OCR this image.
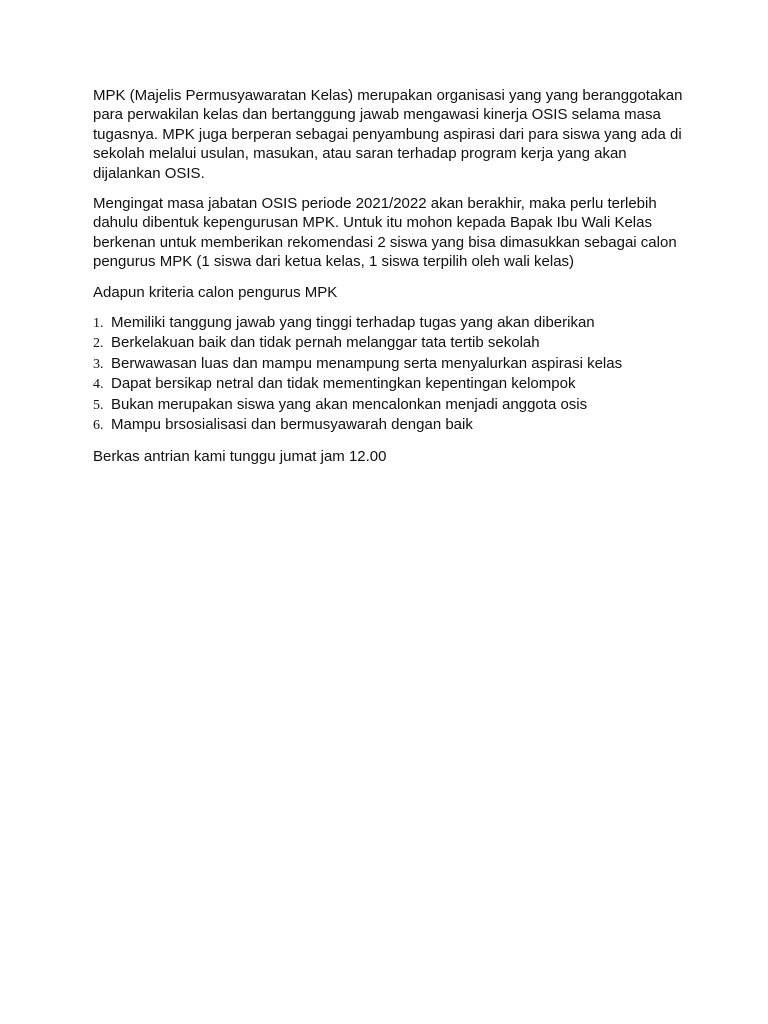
MPK (Majelis Permusyawaratan Kelas) merupakan organisasi yang yang beranggotakan para perwakilan kelas dan bertanggung jawab mengawasi kinerja OSIS selama masa tugasnya. MPK juga berperan sebagai penyambung aspirasi dari para siswa yang ada di sekolah melalui usulan, masukan, atau saran terhadap program kerja yang akan dijalankan OSIS.

Mengingat masa jabatan OSIS periode 2021/2022 akan berakhir, maka perlu terlebih dahulu dibentuk kepengurusan MPK. Untuk itu mohon kepada Bapak Ibu Wali Kelas berkenan untuk memberikan rekomendasi 2 siswa yang bisa dimasukkan sebagai calon pengurus MPK (1 siswa dari ketua kelas, 1 siswa terpilih oleh wali kelas)

Adapun kriteria calon pengurus MPK

1. Memiliki tanggung jawab yang tinggi terhadap tugas yang akan diberikan
2. Berkelakuan baik dan tidak pernah melanggar tata tertib sekolah
3. Berwawasan luas dan mampu menampung serta menyalurkan aspirasi kelas
4. Dapat bersikap netral dan tidak mementingkan kepentingan kelompok
5. Bukan merupakan siswa yang akan mencalonkan menjadi anggota osis
6. Mampu brsosialisasi dan bermusyawarah dengan baik

Berkas antrian kami tunggu jumat jam 12.00
